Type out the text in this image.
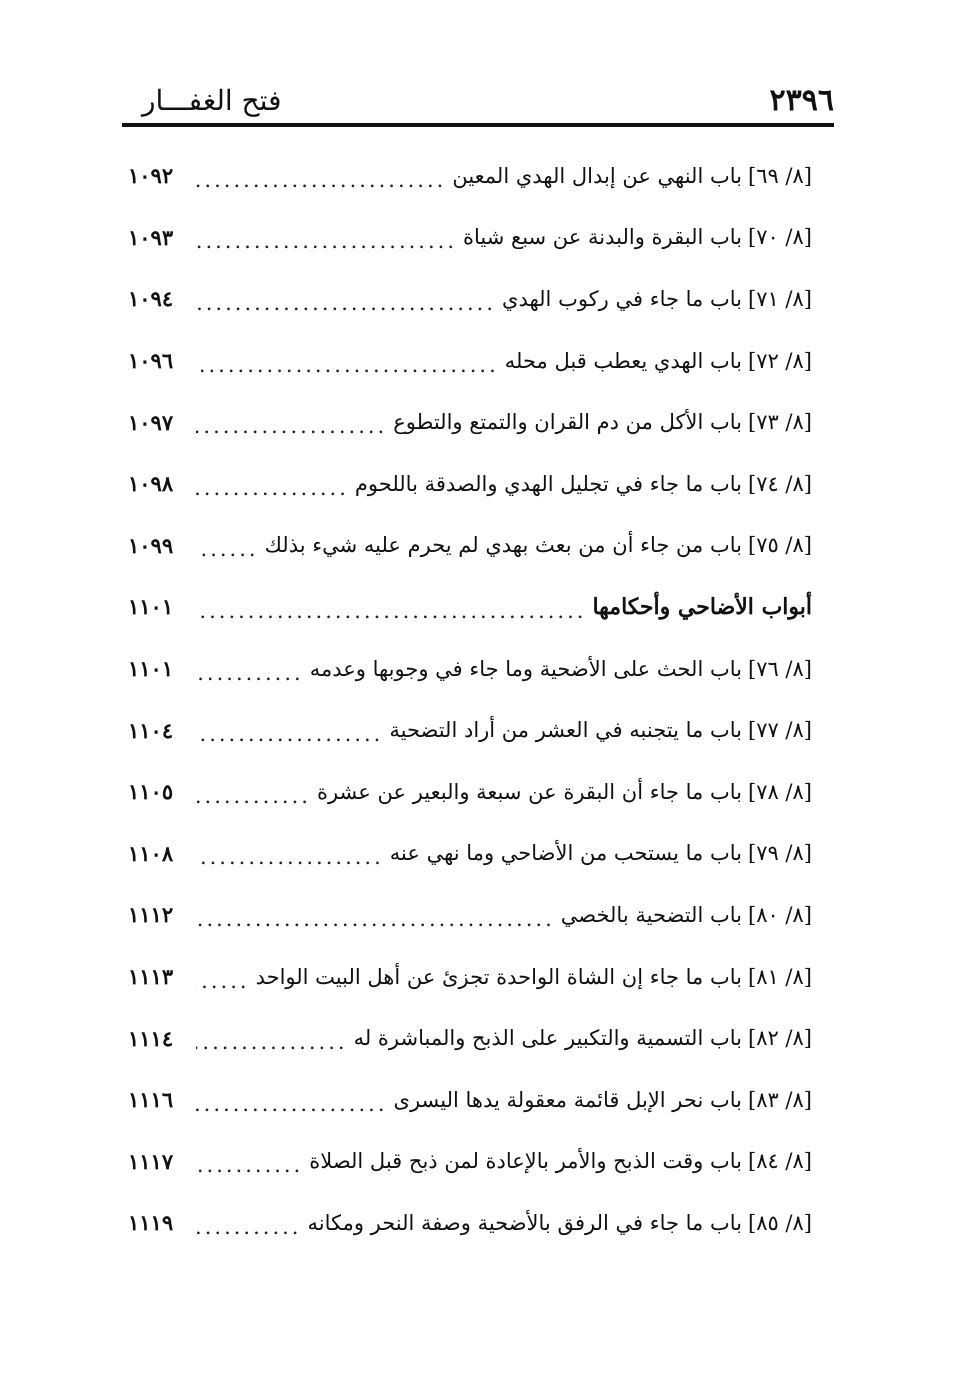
٢٣٩٦
فتح الغفـــار
[٨/ ٦٩]باب النهي عن إبدال الهدي المعين
.....
١٠٩٢
[٨/ ٧٠]باب البقرة والبدنة عن سبع شياة
.....
١٠٩٣
[٨/ ٧١]باب ما جاء في ركوب الهدي
.....
١٠٩٤
[٨/ ٧٢]باب الهدي يعطب قبل محله
.....
١٠٩٦
[٨/ ٧٣]باب الأكل من دم القران والتمتع والتطوع
.....
١٠٩٧
[٨/ ٧٤]باب ما جاء في تجليل الهدي والصدقة باللحوم
.....
١٠٩٨
[٨/ ٧٥]باب من جاء أن من بعث بهدي لم يحرم عليه شيء بذلك
.....
١٠٩٩
أبواب الأضاحي وأحكامها
.....
١١٠١
[٨/ ٧٦]باب الحث على الأضحية وما جاء في وجوبها وعدمه
.....
١١٠١
[٨/ ٧٧]باب ما يتجنبه في العشر من أراد التضحية
.....
١١٠٤
[٨/ ٧٨]باب ما جاء أن البقرة عن سبعة والبعير عن عشرة
.....
١١٠٥
[٨/ ٧٩]باب ما يستحب من الأضاحي وما نهي عنه
.....
١١٠٨
[٨/ ٨٠]باب التضحية بالخصي
.....
١١١٢
[٨/ ٨١]باب ما جاء إن الشاة الواحدة تجزئ عن أهل البيت الواحد
.....
١١١٣
[٨/ ٨٢]باب التسمية والتكبير على الذبح والمباشرة له
.....
١١١٤
[٨/ ٨٣]باب نحر الإبل قائمة معقولة يدها اليسرى
.....
١١١٦
[٨/ ٨٤]باب وقت الذبح والأمر بالإعادة لمن ذبح قبل الصلاة
.....
١١١٧
[٨/ ٨٥]باب ما جاء في الرفق بالأضحية وصفة النحر ومكانه
.....
١١١٩
